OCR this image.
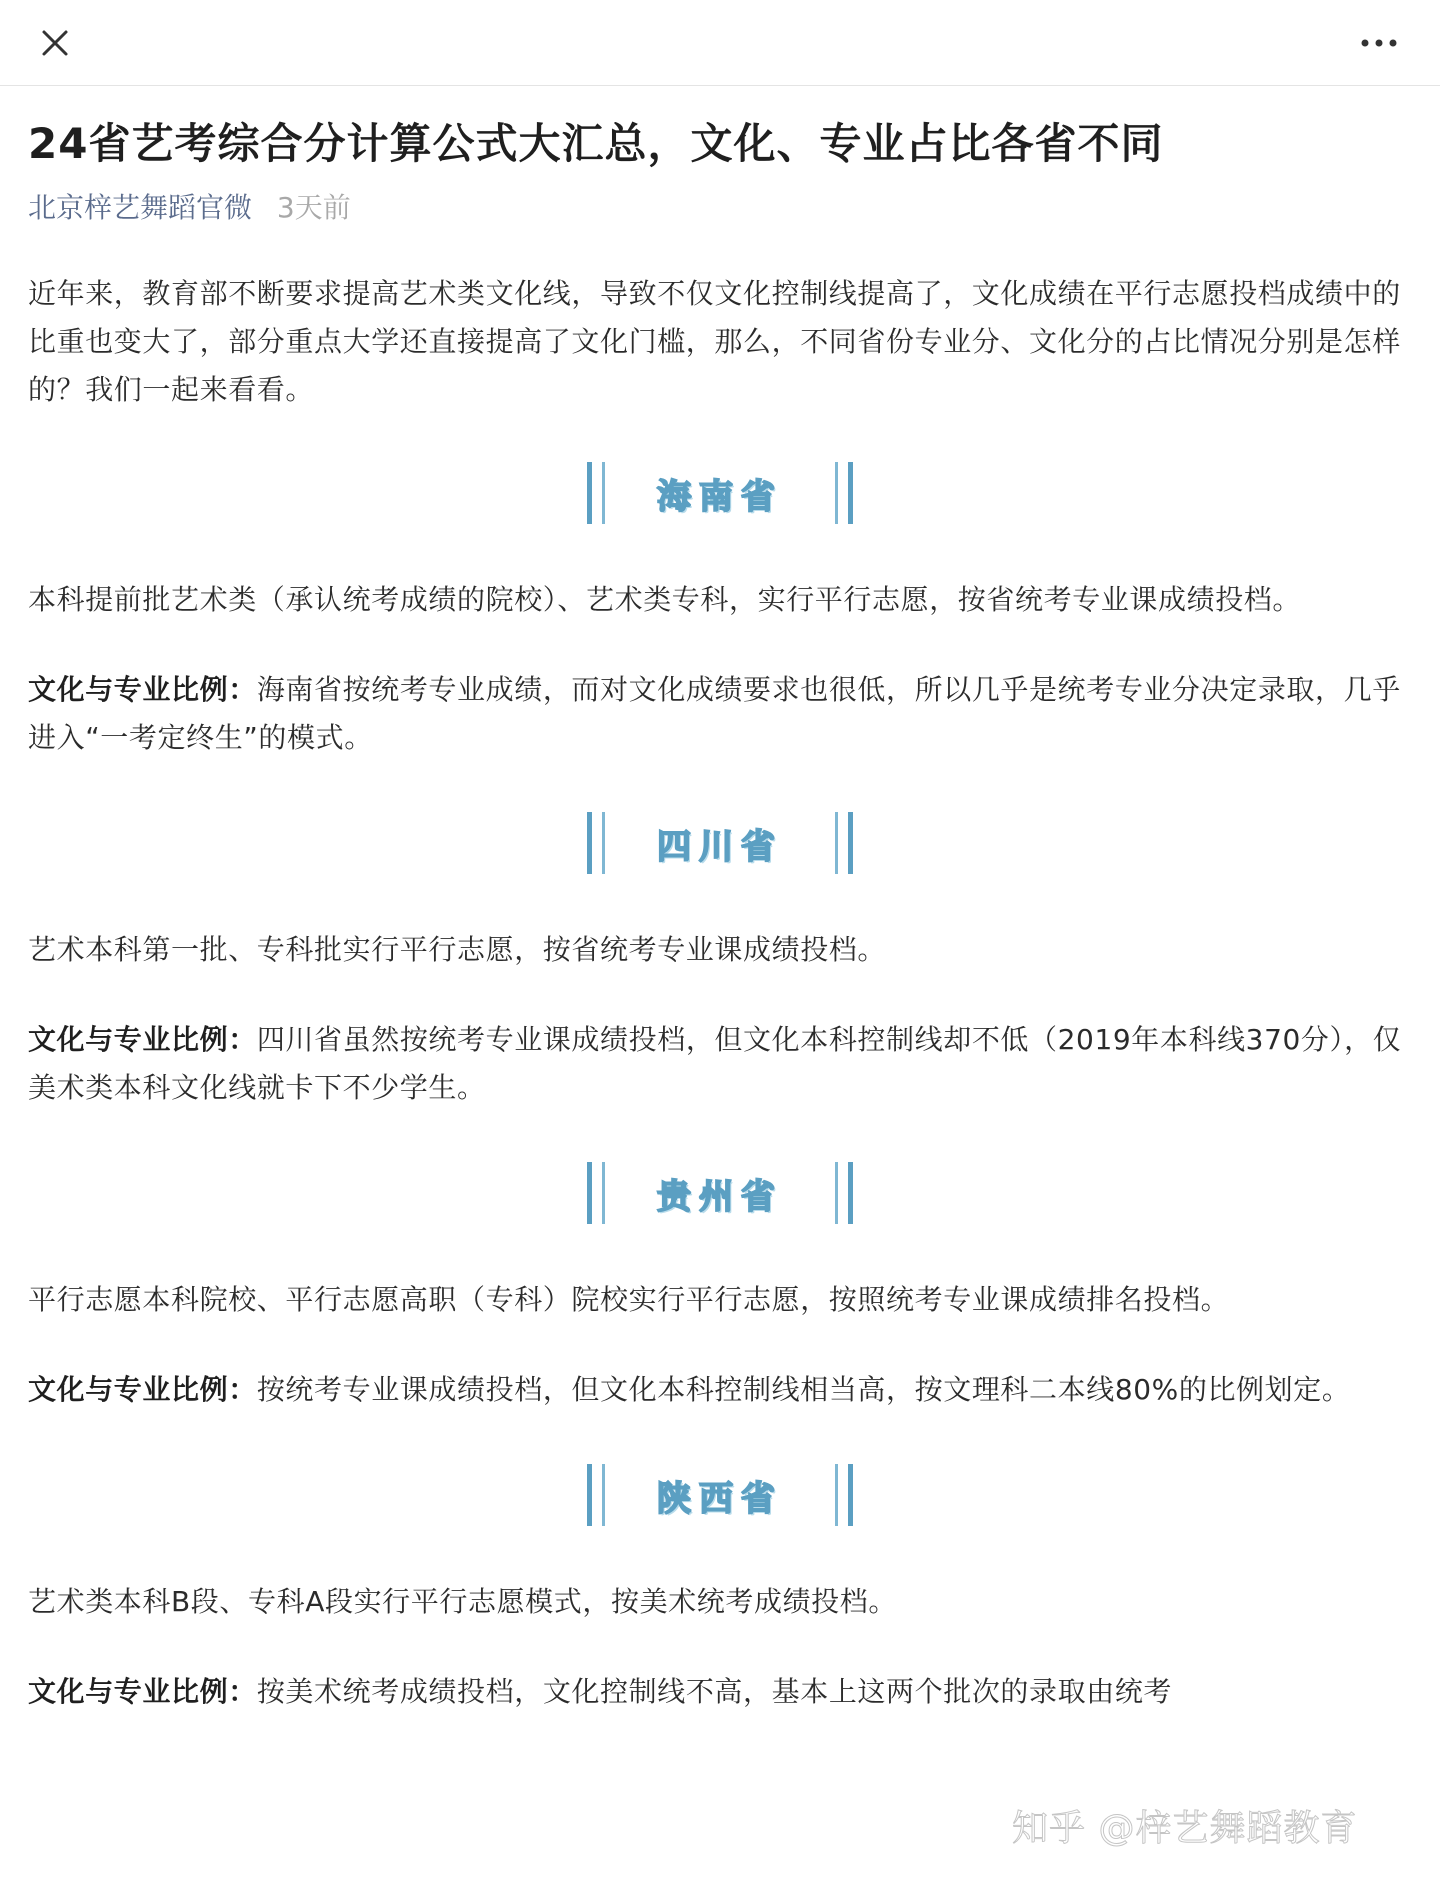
24省艺考综合分计算公式大汇总，文化、专业占比各省不同
北京梓艺舞蹈官微 3天前

近年来，教育部不断要求提高艺术类文化线，导致不仅文化控制线提高了，文化成绩在平行志愿投档成绩中的比重也变大了，部分重点大学还直接提高了文化门槛，那么，不同省份专业分、文化分的占比情况分别是怎样的？我们一起来看看。

海南省

本科提前批艺术类（承认统考成绩的院校）、艺术类专科，实行平行志愿，按省统考专业课成绩投档。

文化与专业比例：海南省按统考专业成绩，而对文化成绩要求也很低，所以几乎是统考专业分决定录取，几乎进入“一考定终生”的模式。

四川省

艺术本科第一批、专科批实行平行志愿，按省统考专业课成绩投档。

文化与专业比例：四川省虽然按统考专业课成绩投档，但文化本科控制线却不低（2019年本科线370分），仅美术类本科文化线就卡下不少学生。

贵州省

平行志愿本科院校、平行志愿高职（专科）院校实行平行志愿，按照统考专业课成绩排名投档。

文化与专业比例：按统考专业课成绩投档，但文化本科控制线相当高，按文理科二本线80%的比例划定。

陕西省

艺术类本科B段、专科A段实行平行志愿模式，按美术统考成绩投档。

文化与专业比例：按美术统考成绩投档，文化控制线不高，基本上这两个批次的录取由统考

知乎 @梓艺舞蹈教育
